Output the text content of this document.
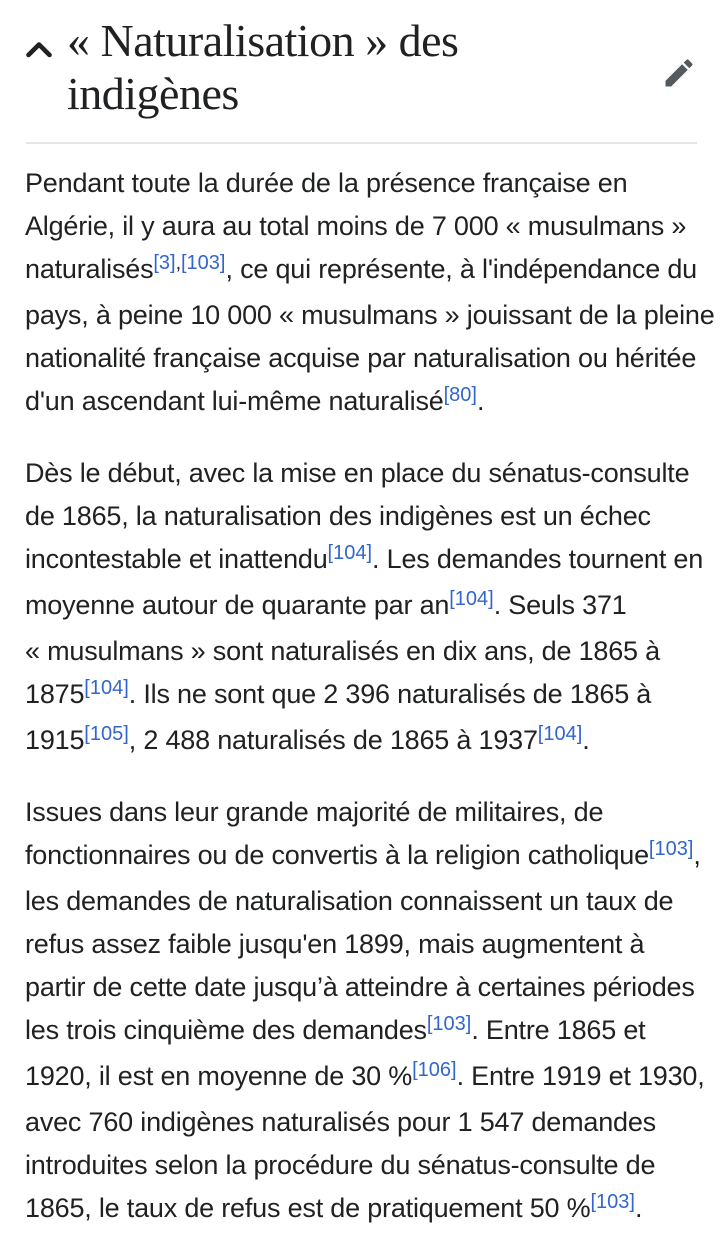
« Naturalisation » des indigènes
Pendant toute la durée de la présence française en
Algérie, il y aura au total moins de 7 000 « musulmans »
naturalisés[3],[103], ce qui représente, à l'indépendance du
pays, à peine 10 000 « musulmans » jouissant de la pleine
nationalité française acquise par naturalisation ou héritée
d'un ascendant lui-même naturalisé[80].
Dès le début, avec la mise en place du sénatus-consulte
de 1865, la naturalisation des indigènes est un échec
incontestable et inattendu[104]. Les demandes tournent en
moyenne autour de quarante par an[104]. Seuls 371
« musulmans » sont naturalisés en dix ans, de 1865 à
1875[104]. Ils ne sont que 2 396 naturalisés de 1865 à
1915[105], 2 488 naturalisés de 1865 à 1937[104].
Issues dans leur grande majorité de militaires, de
fonctionnaires ou de convertis à la religion catholique[103],
les demandes de naturalisation connaissent un taux de
refus assez faible jusqu'en 1899, mais augmentent à
partir de cette date jusqu’à atteindre à certaines périodes
les trois cinquième des demandes[103]. Entre 1865 et
1920, il est en moyenne de 30 %[106]. Entre 1919 et 1930,
avec 760 indigènes naturalisés pour 1 547 demandes
introduites selon la procédure du sénatus-consulte de
1865, le taux de refus est de pratiquement 50 %[103].
